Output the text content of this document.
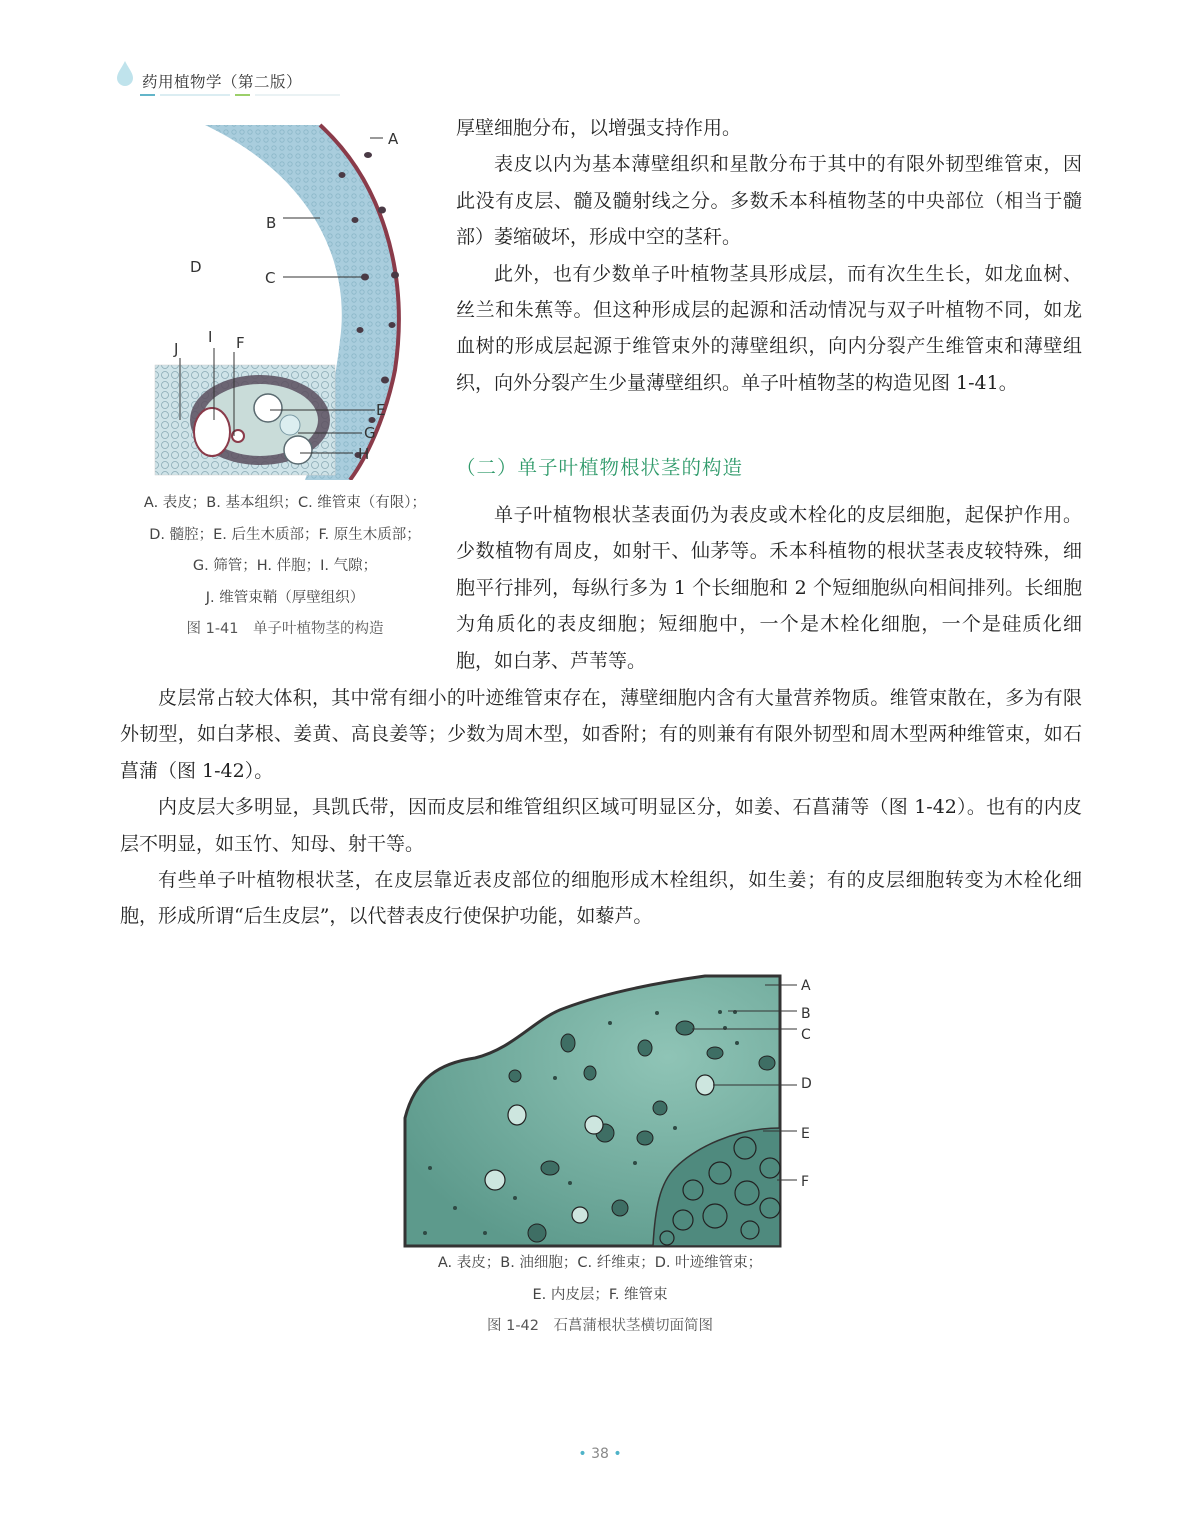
药用植物学（第二版）
A
B
C
D
E
F
G
H
I
J
A. 表皮；B. 基本组织；C. 维管束（有限）；
D. 髓腔；E. 后生木质部；F. 原生木质部；
G. 筛管；H. 伴胞；I. 气隙；
J. 维管束鞘（厚壁组织）
图 1-41　单子叶植物茎的构造

厚壁细胞分布，以增强支持作用。

表皮以内为基本薄壁组织和星散分布于其中的有限外韧型维管束，因此没有皮层、髓及髓射线之分。多数禾本科植物茎的中央部位（相当于髓部）萎缩破坏，形成中空的茎秆。

此外，也有少数单子叶植物茎具形成层，而有次生生长，如龙血树、丝兰和朱蕉等。但这种形成层的起源和活动情况与双子叶植物不同，如龙血树的形成层起源于维管束外的薄壁组织，向内分裂产生维管束和薄壁组织，向外分裂产生少量薄壁组织。单子叶植物茎的构造见图 1-41。

（二）单子叶植物根状茎的构造

单子叶植物根状茎表面仍为表皮或木栓化的皮层细胞，起保护作用。少数植物有周皮，如射干、仙茅等。禾本科植物的根状茎表皮较特殊，细胞平行排列，每纵行多为 1 个长细胞和 2 个短细胞纵向相间排列。长细胞为角质化的表皮细胞；短细胞中，一个是木栓化细胞，一个是硅质化细胞，如白茅、芦苇等。

皮层常占较大体积，其中常有细小的叶迹维管束存在，薄壁细胞内含有大量营养物质。维管束散在，多为有限外韧型，如白茅根、姜黄、高良姜等；少数为周木型，如香附；有的则兼有有限外韧型和周木型两种维管束，如石菖蒲（图 1-42）。

内皮层大多明显，具凯氏带，因而皮层和维管组织区域可明显区分，如姜、石菖蒲等（图 1-42）。也有的内皮层不明显，如玉竹、知母、射干等。

有些单子叶植物根状茎，在皮层靠近表皮部位的细胞形成木栓组织，如生姜；有的皮层细胞转变为木栓化细胞，形成所谓“后生皮层”，以代替表皮行使保护功能，如藜芦。

A
B
C
D
E
F
A. 表皮；B. 油细胞；C. 纤维束；D. 叶迹维管束；
E. 内皮层；F. 维管束
图 1-42　石菖蒲根状茎横切面简图
• 38 •
